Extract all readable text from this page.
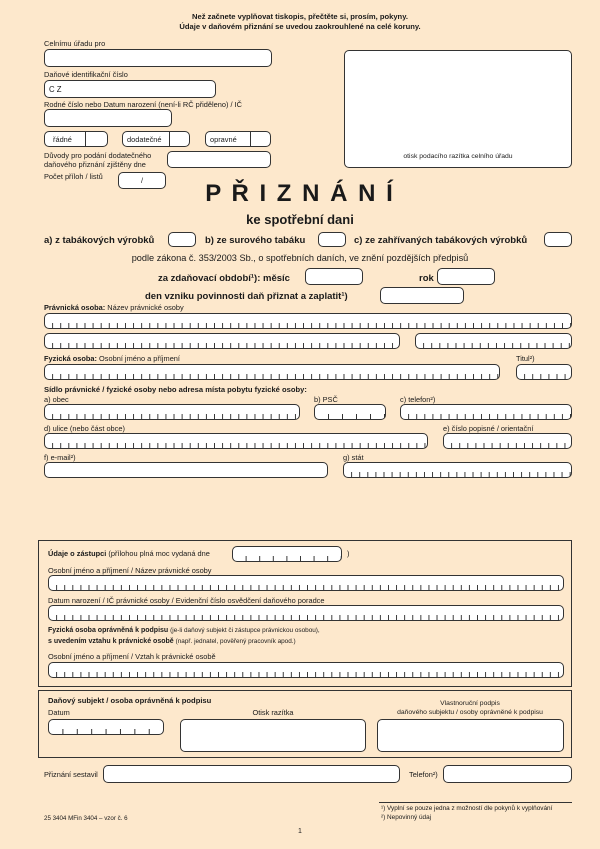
Než začnete vyplňovat tiskopis, přečtěte si, prosím, pokyny.
Údaje v daňovém přiznání se uvedou zaokrouhlené na celé koruny.
Celnímu úřadu pro
Daňové identifikační číslo
C Z
Rodné číslo nebo Datum narození (není-li RČ přiděleno) / IČ
řádné	dodatečné	opravné
Důvody pro podání dodatečného
daňového přiznání zjištěny dne
Počet příloh / listů	/
otisk podacího razítka celního úřadu
P Ř I Z N Á N Í
ke spotřební dani
a) z tabákových výrobků	b) ze surového tabáku	c) ze zahřívaných tabákových výrobků
podle zákona č. 353/2003 Sb., o spotřebních daních, ve znění pozdějších předpisů
za zdaňovací období¹): měsíc	rok
den vzniku povinnosti daň přiznat a zaplatit¹)
Právnická osoba: Název právnické osoby
Fyzická osoba: Osobní jméno a příjmení	Titul²)
Sídlo právnické / fyzické osoby nebo adresa místa pobytu fyzické osoby:
a) obec	b) PSČ	c) telefon²)
d) ulice (nebo část obce)	e) číslo popisné / orientační
f) e-mail²)	g) stát
Údaje o zástupci (přílohou plná moc vydaná dne	)
Osobní jméno a příjmení / Název právnické osoby
Datum narození / IČ právnické osoby / Evidenční číslo osvědčení daňového poradce
Fyzická osoba oprávněná k podpisu (je-li daňový subjekt či zástupce právnickou osobou),
s uvedením vztahu k právnické osobě (např. jednatel, pověřený pracovník apod.)
Osobní jméno a příjmení / Vztah k právnické osobě
Daňový subjekt / osoba oprávněná k podpisu
Datum	Otisk razítka
Vlastnoruční podpis
daňového subjektu / osoby oprávněné k podpisu
Přiznání sestavil	Telefon²)
¹) Vyplní se pouze jedna z možností dle pokynů k vyplňování
²) Nepovinný údaj
25 3404 MFin 3404 – vzor č. 6
1
